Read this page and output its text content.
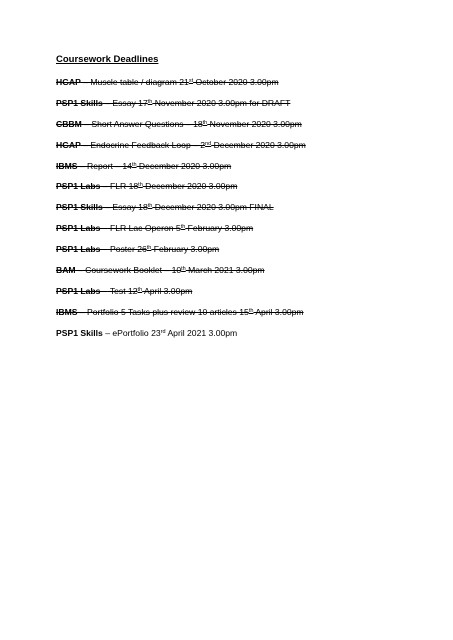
Coursework Deadlines
HGAP – Muscle table / diagram 21st October 2020 3.00pm
PSP1 Skills – Essay 17th November 2020 3.00pm for DRAFT
CBBM – Short Answer Questions – 18th November 2020 3.00pm
HGAP – Endocrine Feedback Loop – 2nd December 2020 3.00pm
IBMS – Report – 14th December 2020 3.00pm
PSP1 Labs – FLR 18th December 2020 3.00pm
PSP1 Skills – Essay 18th December 2020 3.00pm FINAL
PSP1 Labs – FLR Lac Operon 5th February 3.00pm
PSP1 Labs – Poster 26th February 3.00pm
BAM – Coursework Booklet – 10th March 2021 3.00pm
PSP1 Labs – Test 12th April 3.00pm
IBMS – Portfolio 5 Tasks plus review 10 articles 15th April 3.00pm
PSP1 Skills – ePortfolio 23rd April 2021 3.00pm
